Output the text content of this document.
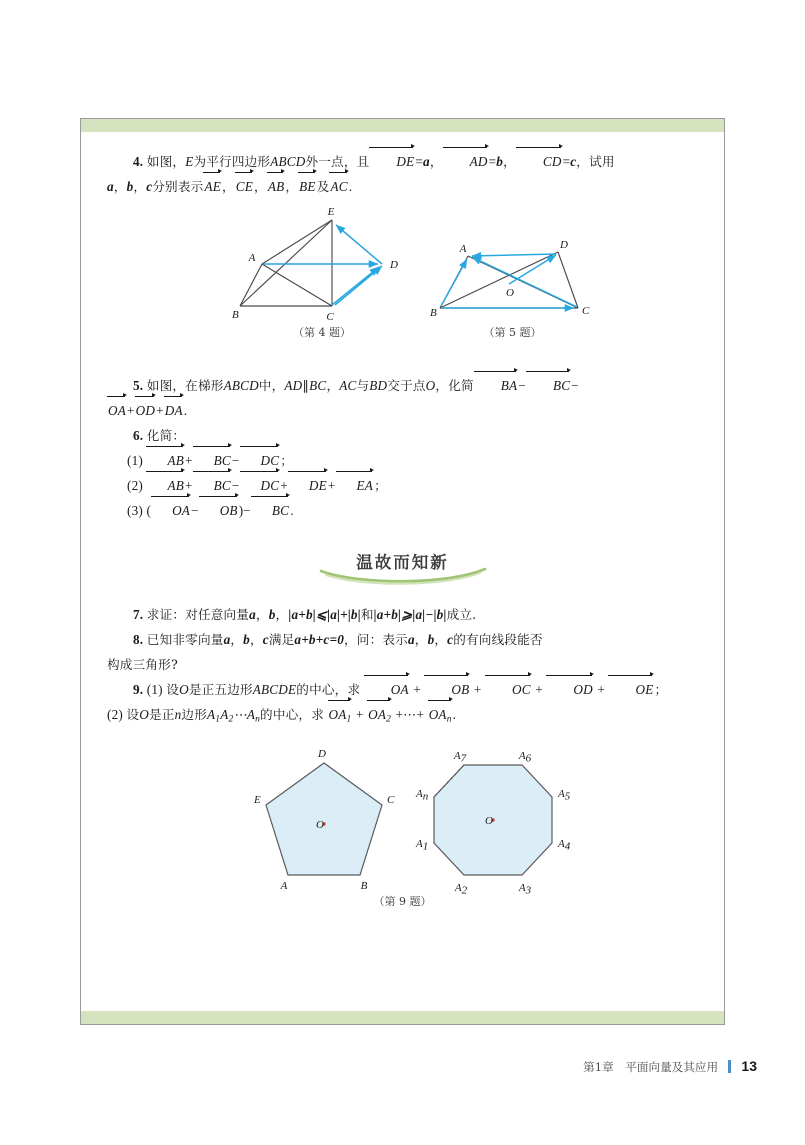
4. 如图，E为平行四边形ABCD外一点，且 DE=a， AD=b， CD=c，试用
a，b，c分别表示AE，CE，AB，BE及AC.
E
A
D
B	C
（第 4 题）
A	D
B	C
O
（第 5 题）
5. 如图，在梯形ABCD中，AD∥BC，AC与BD交于点O，化简 BA− BC−
OA+OD+DA.
6. 化简：
(1) AB+ BC− DC；
(2) AB+ BC− DC+ DE+ EA；
(3) ( OA− OB)− BC.
温故而知新
7. 求证：对任意向量a，b，|a+b|⩽|a|+|b|和|a+b|⩾|a|−|b|成立.
8. 已知非零向量a，b，c满足a+b+c=0，问：表示a，b，c的有向线段能否
构成三角形?
9. (1) 设O是正五边形ABCDE的中心，求 OA + OB + OC + OD + OE；
(2) 设O是正n边形A1A2⋯An的中心，求 OA1 + OA2 +⋯+ OAn.
D
C
B
A
E
O	O
A7	A6
A5
A4
A3
A2
A1
An
（第 9 题）
第1章　平面向量及其应用 13
